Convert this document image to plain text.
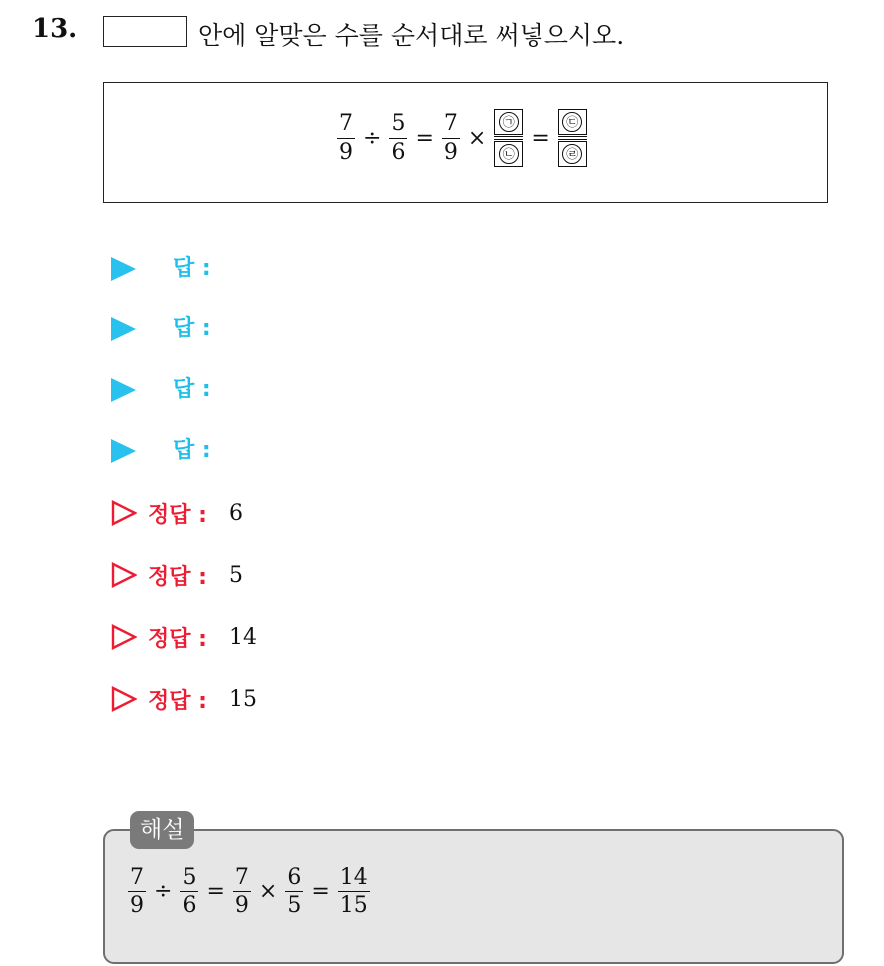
13.	안에 알맞은 수를 순서대로 써넣으시오.
$\frac{7}{9} \div \frac{5}{6} = \frac{7}{9} \times \frac{㉠}{㉡} = \frac{㉢}{㉣}$
답 :
답 :
답 :
답 :
정답 : 6
정답 : 5
정답 : 14
정답 : 15
해설
$\frac{7}{9} \div \frac{5}{6} = \frac{7}{9} \times \frac{6}{5} = \frac{14}{15}$
